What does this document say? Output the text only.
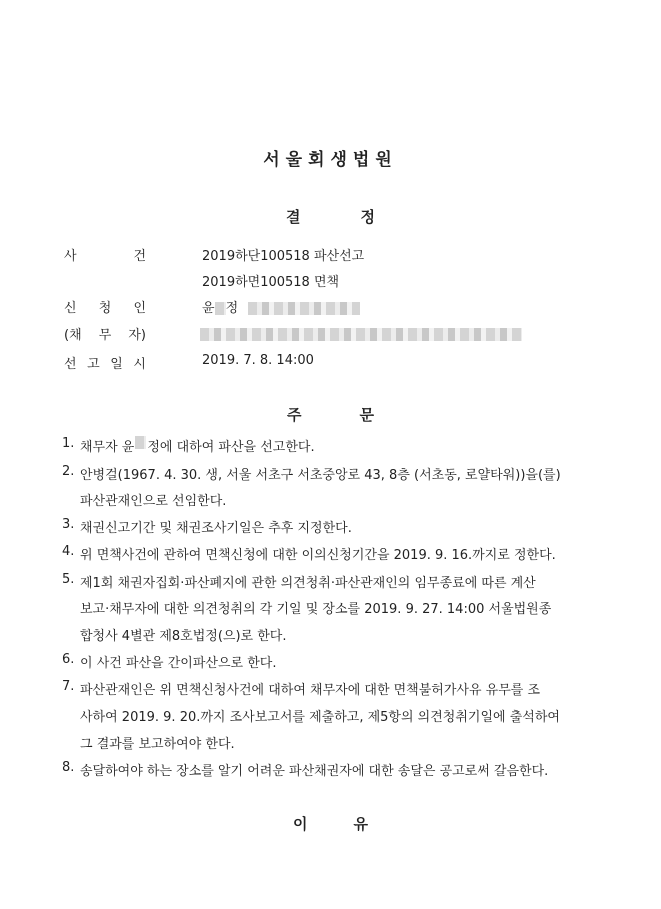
서울회생법원
결정
사	건	2019하단100518 파산선고
2019하면100518 면책
신 청 인	윤 정
(채 무 자)
선 고 일 시	2019. 7. 8. 14:00
주문
1. 채무자 윤 정에 대하여 파산을 선고한다.
2. 안병걸(1967. 4. 30. 생, 서울 서초구 서초중앙로 43, 8층 (서초동, 로얄타워))을(를)
파산관재인으로 선임한다.
3. 채권신고기간 및 채권조사기일은 추후 지정한다.
4. 위 면책사건에 관하여 면책신청에 대한 이의신청기간을 2019. 9. 16.까지로 정한다.
5. 제1회 채권자집회·파산폐지에 관한 의견청취·파산관재인의 임무종료에 따른 계산
보고·채무자에 대한 의견청취의 각 기일 및 장소를 2019. 9. 27. 14:00 서울법원종
합청사 4별관 제8호법정(으)로 한다.
6. 이 사건 파산을 간이파산으로 한다.
7. 파산관재인은 위 면책신청사건에 대하여 채무자에 대한 면책불허가사유 유무를 조
사하여 2019. 9. 20.까지 조사보고서를 제출하고, 제5항의 의견청취기일에 출석하여
그 결과를 보고하여야 한다.
8. 송달하여야 하는 장소를 알기 어려운 파산채권자에 대한 송달은 공고로써 갈음한다.
이유
